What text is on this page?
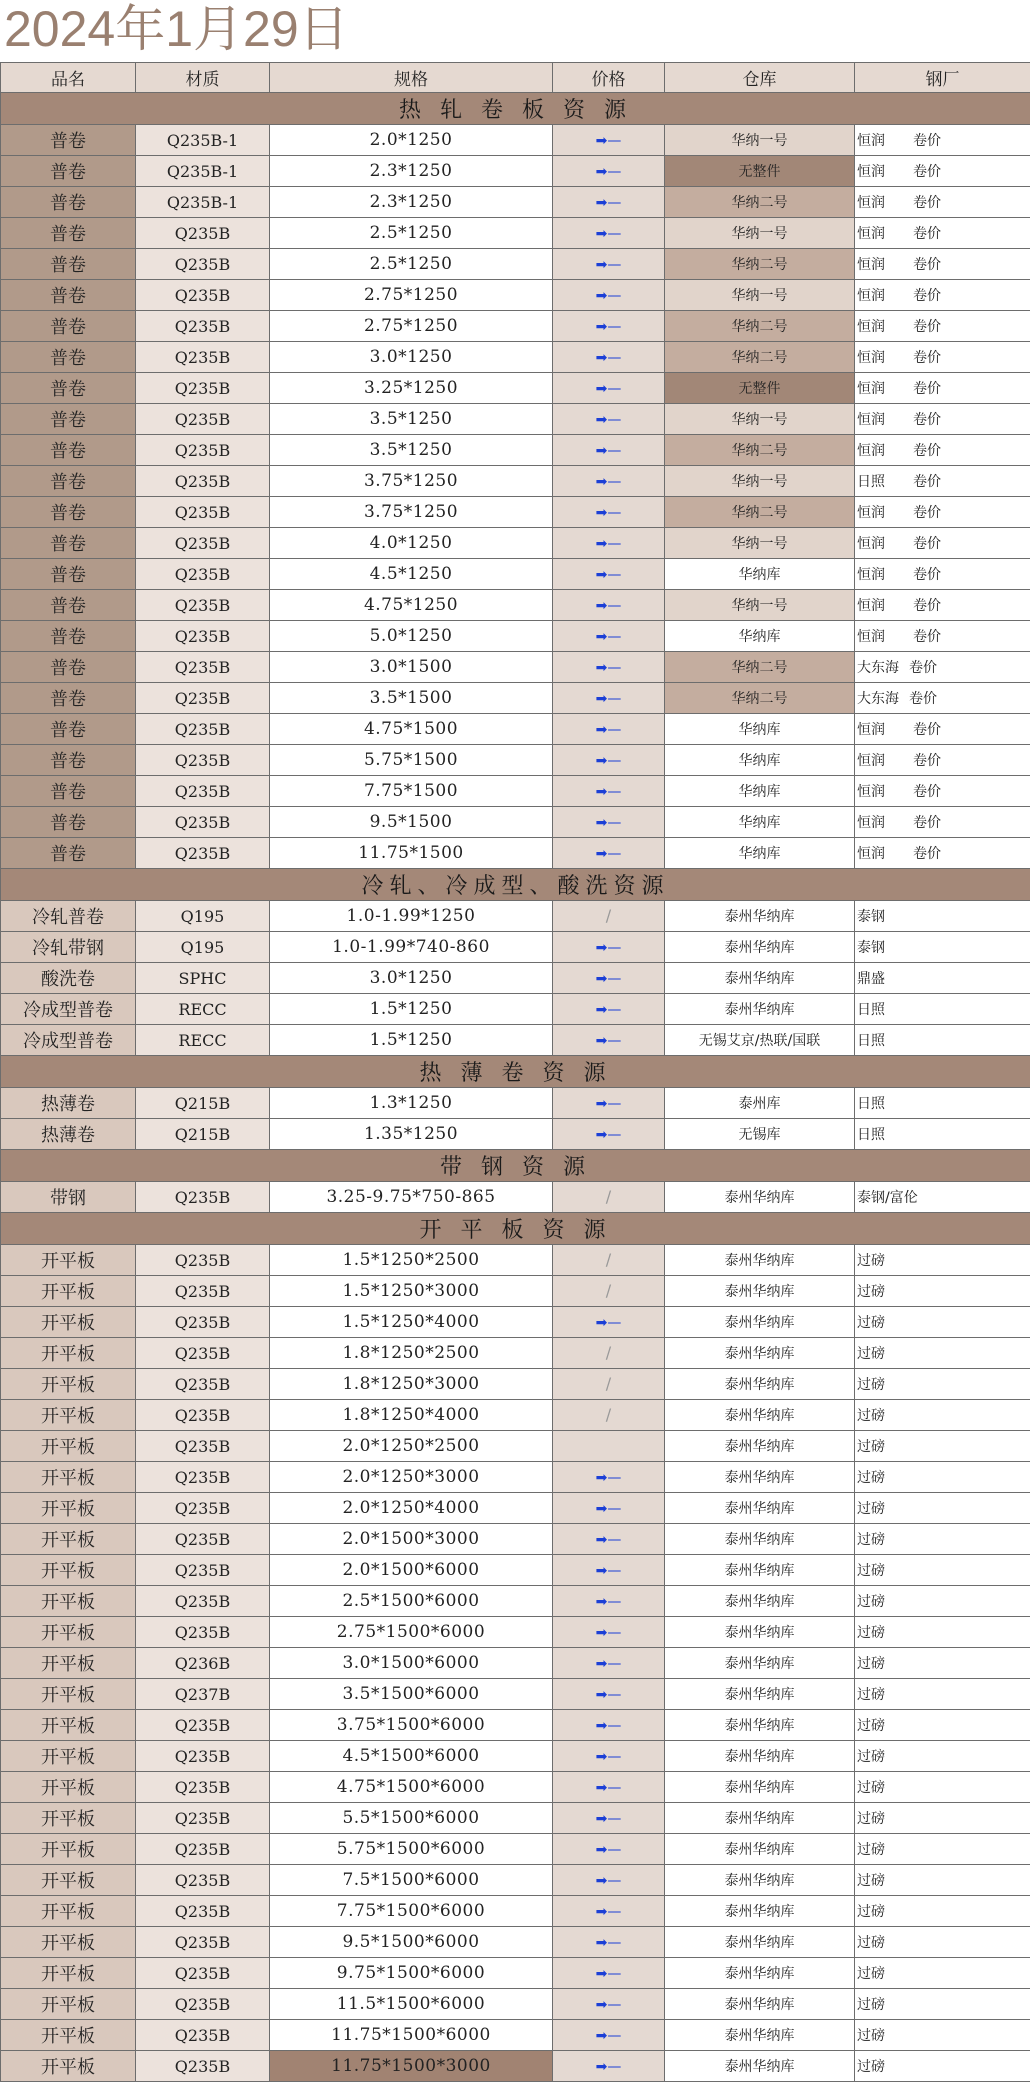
2024年1月29日
品名	材质	规格	价格	仓库	钢厂
热 轧 卷 板 资 源					
普卷	Q235B-1	2.0*1250	➡—	华纳一号	恒润 卷价
普卷	Q235B-1	2.3*1250	➡—	无整件	恒润 卷价
普卷	Q235B-1	2.3*1250	➡—	华纳二号	恒润 卷价
普卷	Q235B	2.5*1250	➡—	华纳一号	恒润 卷价
普卷	Q235B	2.5*1250	➡—	华纳二号	恒润 卷价
普卷	Q235B	2.75*1250	➡—	华纳一号	恒润 卷价
普卷	Q235B	2.75*1250	➡—	华纳二号	恒润 卷价
普卷	Q235B	3.0*1250	➡—	华纳二号	恒润 卷价
普卷	Q235B	3.25*1250	➡—	无整件	恒润 卷价
普卷	Q235B	3.5*1250	➡—	华纳一号	恒润 卷价
普卷	Q235B	3.5*1250	➡—	华纳二号	恒润 卷价
普卷	Q235B	3.75*1250	➡—	华纳一号	日照 卷价
普卷	Q235B	3.75*1250	➡—	华纳二号	恒润 卷价
普卷	Q235B	4.0*1250	➡—	华纳一号	恒润 卷价
普卷	Q235B	4.5*1250	➡—	华纳库	恒润 卷价
普卷	Q235B	4.75*1250	➡—	华纳一号	恒润 卷价
普卷	Q235B	5.0*1250	➡—	华纳库	恒润 卷价
普卷	Q235B	3.0*1500	➡—	华纳二号	大东海 卷价
普卷	Q235B	3.5*1500	➡—	华纳二号	大东海 卷价
普卷	Q235B	4.75*1500	➡—	华纳库	恒润 卷价
普卷	Q235B	5.75*1500	➡—	华纳库	恒润 卷价
普卷	Q235B	7.75*1500	➡—	华纳库	恒润 卷价
普卷	Q235B	9.5*1500	➡—	华纳库	恒润 卷价
普卷	Q235B	11.75*1500	➡—	华纳库	恒润 卷价
冷轧、冷成型、酸洗资源					
冷轧普卷	Q195	1.0-1.99*1250	/	泰州华纳库	泰钢
冷轧带钢	Q195	1.0-1.99*740-860	➡—	泰州华纳库	泰钢
酸洗卷	SPHC	3.0*1250	➡—	泰州华纳库	鼎盛
冷成型普卷	RECC	1.5*1250	➡—	泰州华纳库	日照
冷成型普卷	RECC	1.5*1250	➡—	无锡艾京/热联/国联	日照
热 薄 卷 资 源					
热薄卷	Q215B	1.3*1250	➡—	泰州库	日照
热薄卷	Q215B	1.35*1250	➡—	无锡库	日照
带 钢 资 源					
带钢	Q235B	3.25-9.75*750-865	/	泰州华纳库	泰钢/富伦
开 平 板 资 源					
开平板	Q235B	1.5*1250*2500	/	泰州华纳库	过磅
开平板	Q235B	1.5*1250*3000	/	泰州华纳库	过磅
开平板	Q235B	1.5*1250*4000	➡—	泰州华纳库	过磅
开平板	Q235B	1.8*1250*2500	/	泰州华纳库	过磅
开平板	Q235B	1.8*1250*3000	/	泰州华纳库	过磅
开平板	Q235B	1.8*1250*4000	/	泰州华纳库	过磅
开平板	Q235B	2.0*1250*2500		泰州华纳库	过磅
开平板	Q235B	2.0*1250*3000	➡—	泰州华纳库	过磅
开平板	Q235B	2.0*1250*4000	➡—	泰州华纳库	过磅
开平板	Q235B	2.0*1500*3000	➡—	泰州华纳库	过磅
开平板	Q235B	2.0*1500*6000	➡—	泰州华纳库	过磅
开平板	Q235B	2.5*1500*6000	➡—	泰州华纳库	过磅
开平板	Q235B	2.75*1500*6000	➡—	泰州华纳库	过磅
开平板	Q236B	3.0*1500*6000	➡—	泰州华纳库	过磅
开平板	Q237B	3.5*1500*6000	➡—	泰州华纳库	过磅
开平板	Q235B	3.75*1500*6000	➡—	泰州华纳库	过磅
开平板	Q235B	4.5*1500*6000	➡—	泰州华纳库	过磅
开平板	Q235B	4.75*1500*6000	➡—	泰州华纳库	过磅
开平板	Q235B	5.5*1500*6000	➡—	泰州华纳库	过磅
开平板	Q235B	5.75*1500*6000	➡—	泰州华纳库	过磅
开平板	Q235B	7.5*1500*6000	➡—	泰州华纳库	过磅
开平板	Q235B	7.75*1500*6000	➡—	泰州华纳库	过磅
开平板	Q235B	9.5*1500*6000	➡—	泰州华纳库	过磅
开平板	Q235B	9.75*1500*6000	➡—	泰州华纳库	过磅
开平板	Q235B	11.5*1500*6000	➡—	泰州华纳库	过磅
开平板	Q235B	11.75*1500*6000	➡—	泰州华纳库	过磅
开平板	Q235B	11.75*1500*3000	➡—	泰州华纳库	过磅
